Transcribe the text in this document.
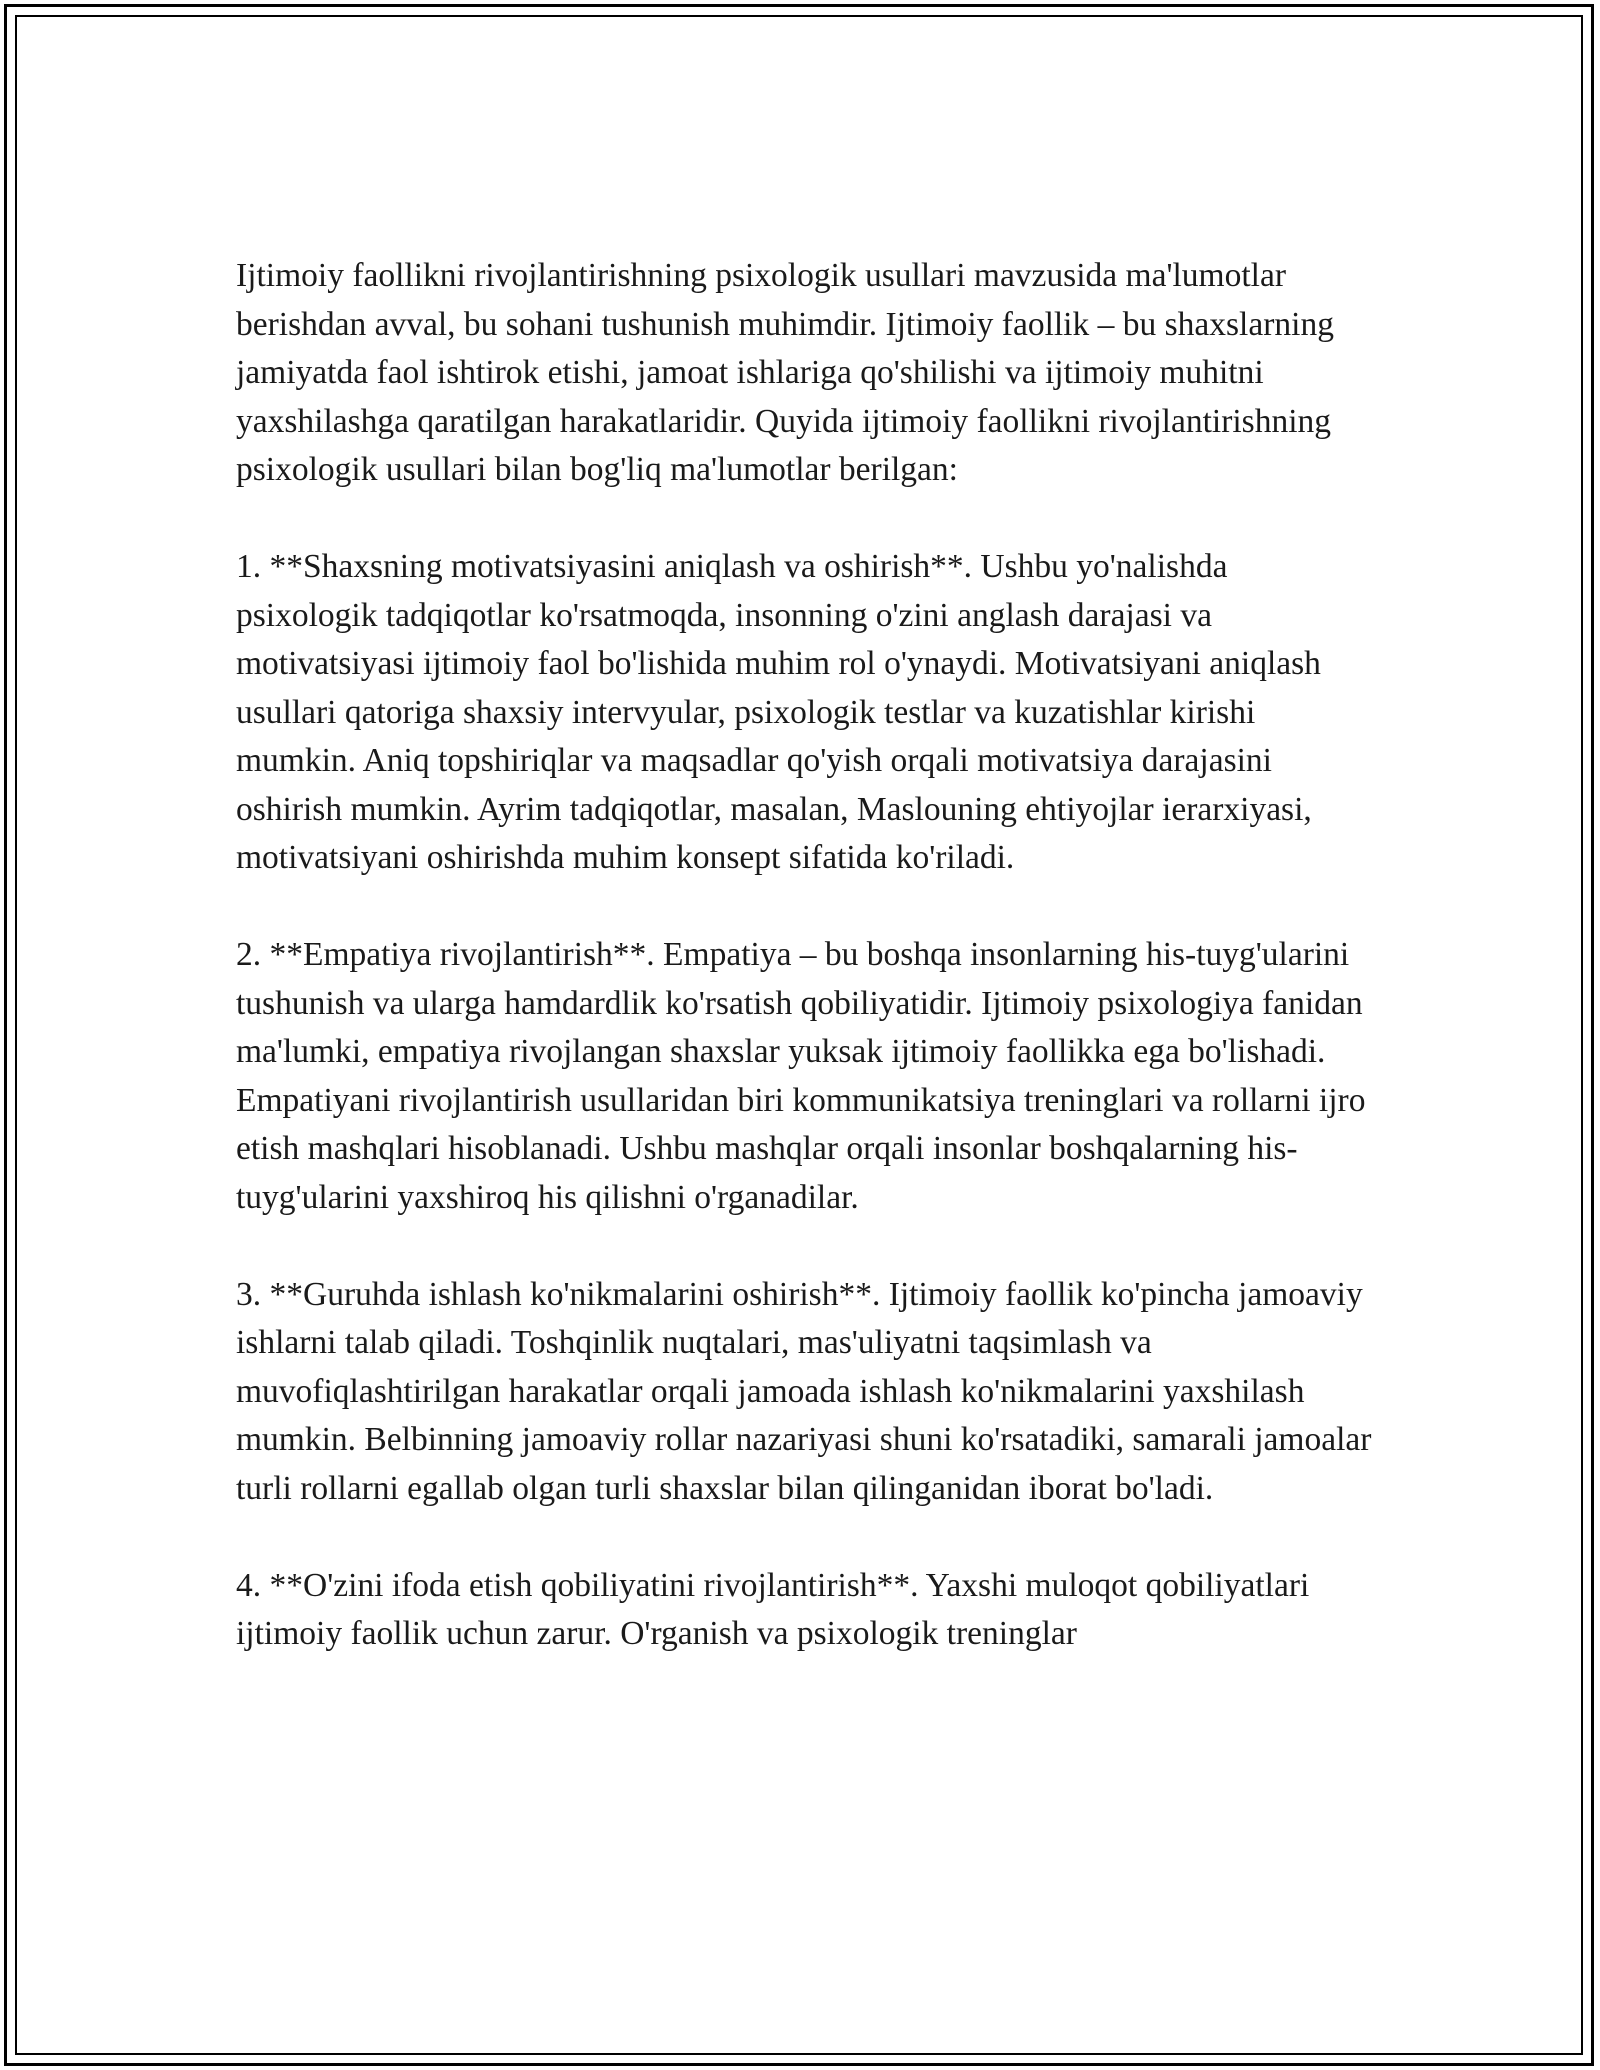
Ijtimoiy faollikni rivojlantirishning psixologik usullari mavzusida ma'lumotlar berishdan avval, bu sohani tushunish muhimdir. Ijtimoiy faollik – bu shaxslarning jamiyatda faol ishtirok etishi, jamoat ishlariga qo'shilishi va ijtimoiy muhitni yaxshilashga qaratilgan harakatlaridir. Quyida ijtimoiy faollikni rivojlantirishning psixologik usullari bilan bog'liq ma'lumotlar berilgan:

1. **Shaxsning motivatsiyasini aniqlash va oshirish**. Ushbu yo'nalishda psixologik tadqiqotlar ko'rsatmoqda, insonning o'zini anglash darajasi va motivatsiyasi ijtimoiy faol bo'lishida muhim rol o'ynaydi. Motivatsiyani aniqlash usullari qatoriga shaxsiy intervyular, psixologik testlar va kuzatishlar kirishi mumkin. Aniq topshiriqlar va maqsadlar qo'yish orqali motivatsiya darajasini oshirish mumkin. Ayrim tadqiqotlar, masalan, Maslouning ehtiyojlar ierarxiyasi, motivatsiyani oshirishda muhim konsept sifatida ko'riladi.

2. **Empatiya rivojlantirish**. Empatiya – bu boshqa insonlarning his-tuyg'ularini tushunish va ularga hamdardlik ko'rsatish qobiliyatidir. Ijtimoiy psixologiya fanidan ma'lumki, empatiya rivojlangan shaxslar yuksak ijtimoiy faollikka ega bo'lishadi. Empatiyani rivojlantirish usullaridan biri kommunikatsiya treninglari va rollarni ijro etish mashqlari hisoblanadi. Ushbu mashqlar orqali insonlar boshqalarning his-tuyg'ularini yaxshiroq his qilishni o'rganadilar.

3. **Guruhda ishlash ko'nikmalarini oshirish**. Ijtimoiy faollik ko'pincha jamoaviy ishlarni talab qiladi. Toshqinlik nuqtalari, mas'uliyatni taqsimlash va muvofiqlashtirilgan harakatlar orqali jamoada ishlash ko'nikmalarini yaxshilash mumkin. Belbinning jamoaviy rollar nazariyasi shuni ko'rsatadiki, samarali jamoalar turli rollarni egallab olgan turli shaxslar bilan qilinganidan iborat bo'ladi.

4. **O'zini ifoda etish qobiliyatini rivojlantirish**. Yaxshi muloqot qobiliyatlari ijtimoiy faollik uchun zarur. O'rganish va psixologik treninglar
